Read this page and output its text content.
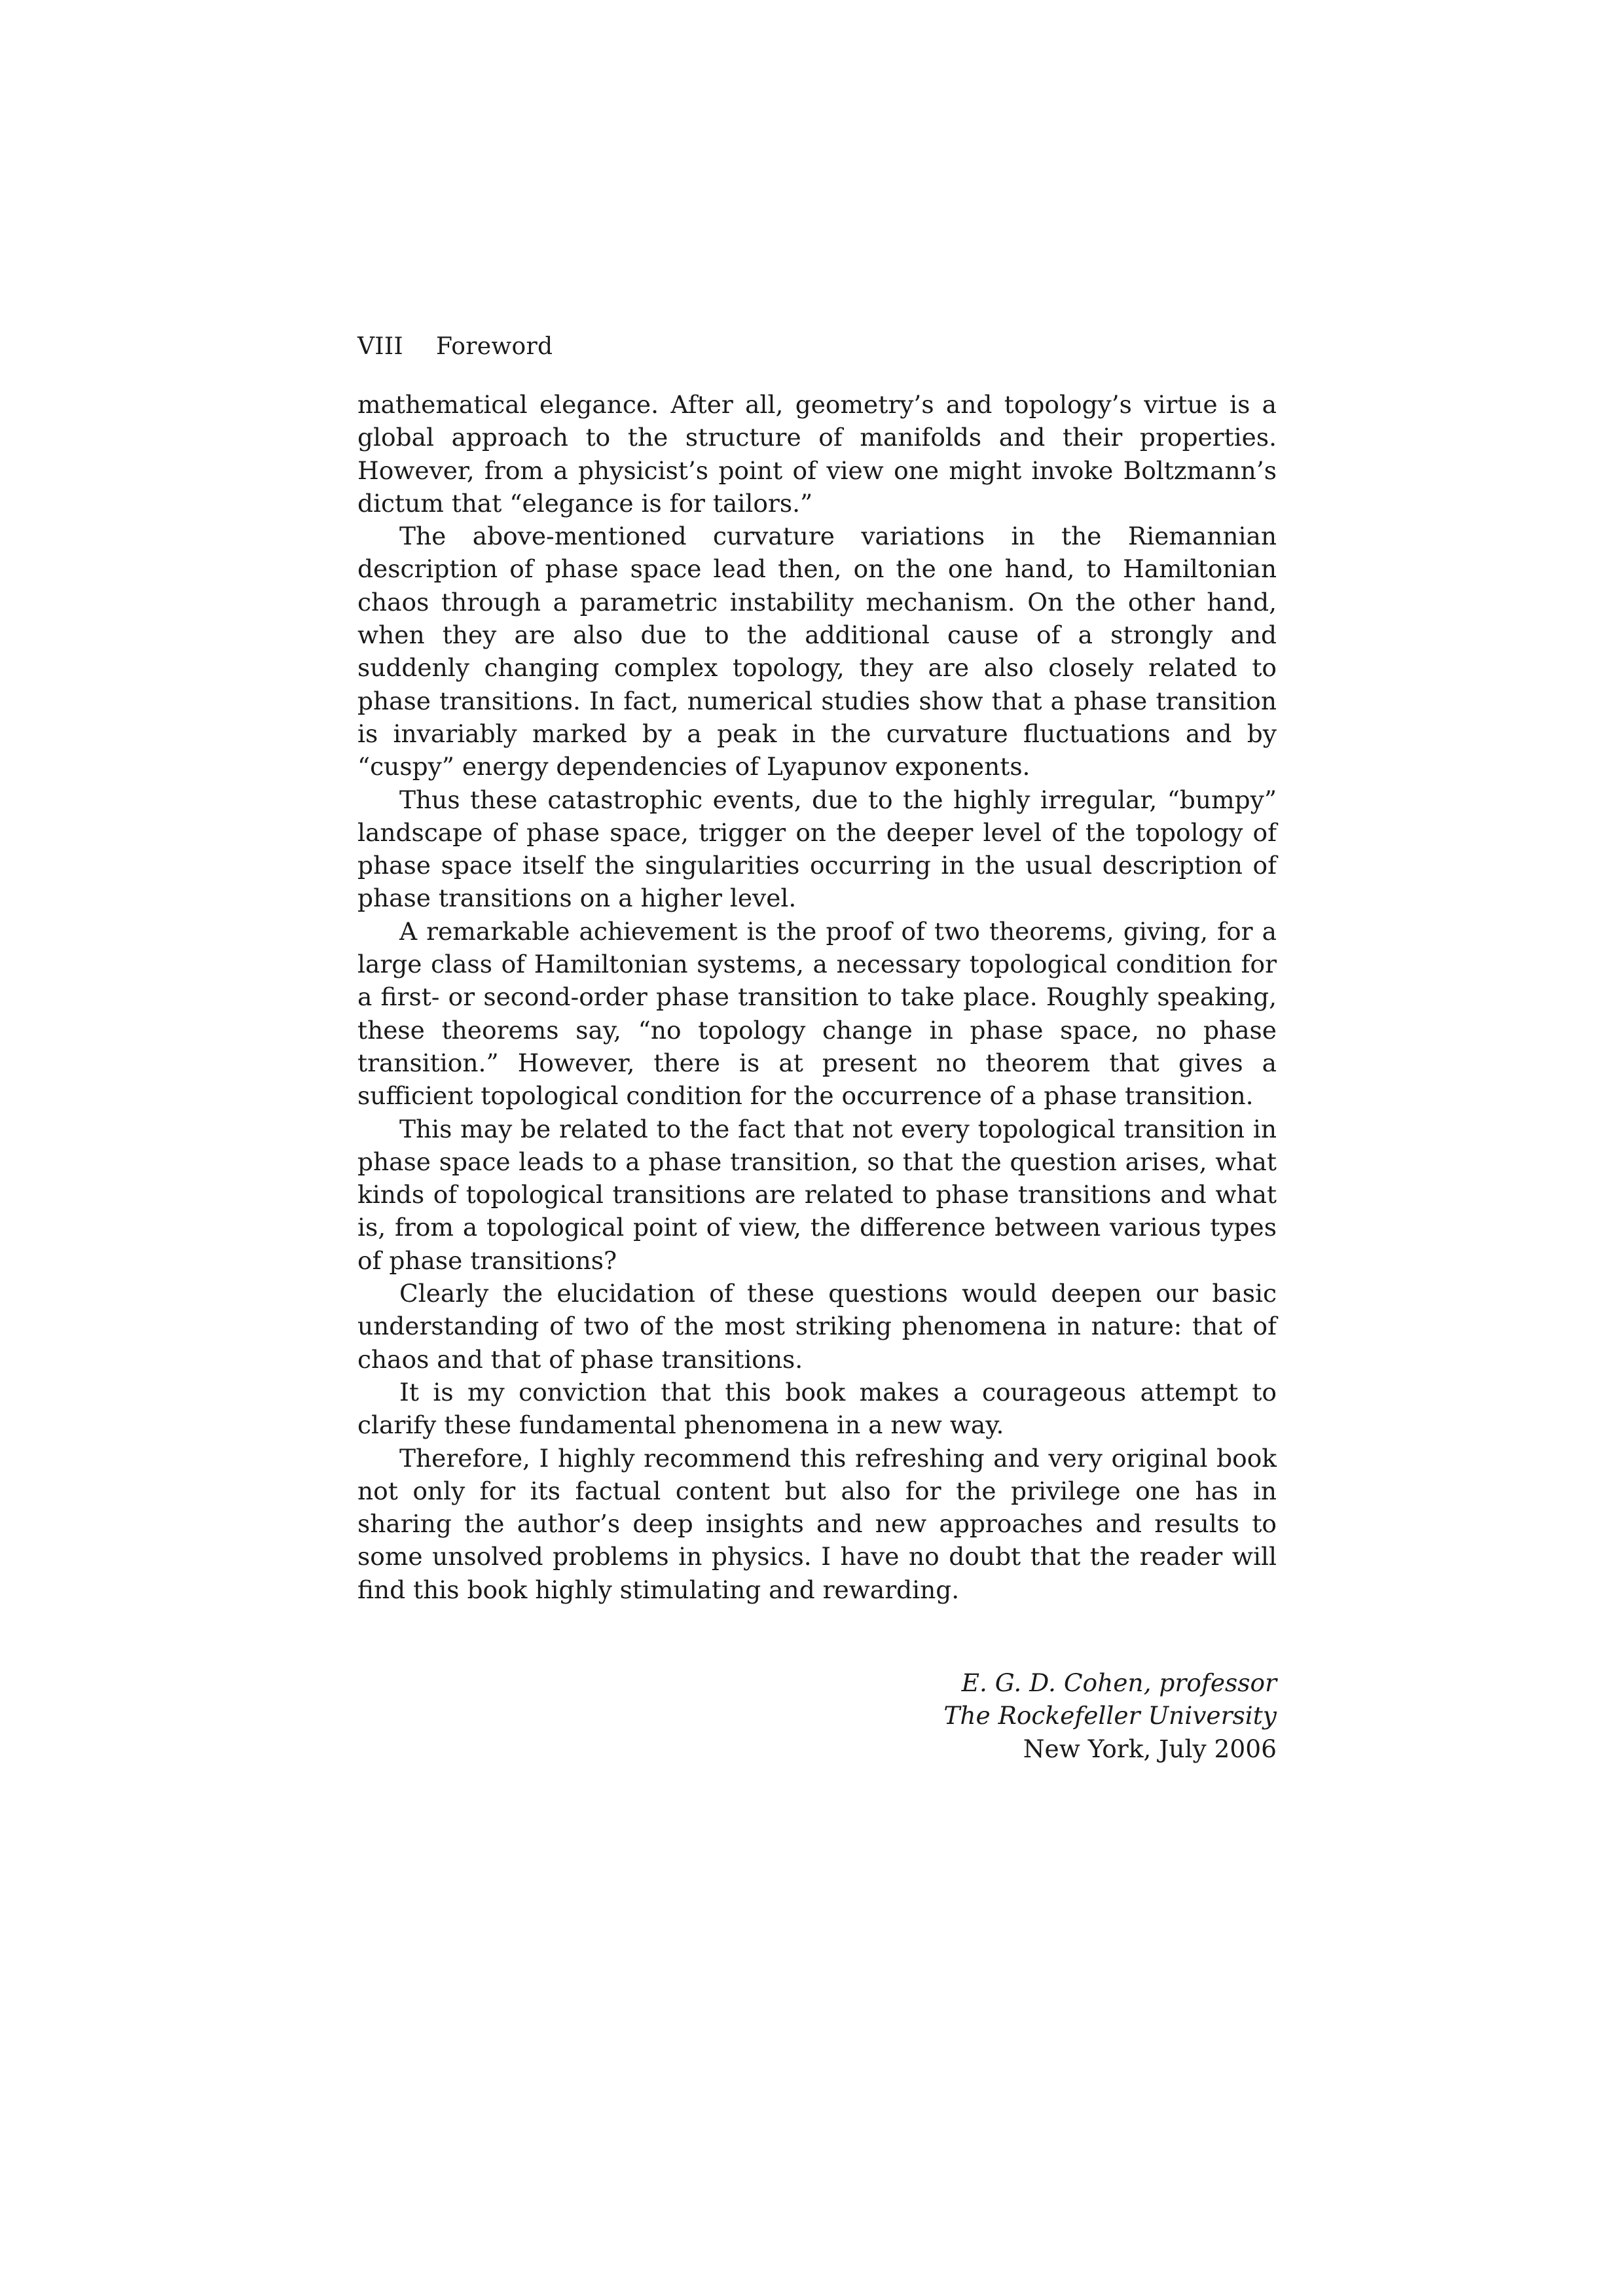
VIII Foreword

mathematical elegance. After all, geometry’s and topology’s virtue is a global approach to the structure of manifolds and their properties. However, from a physicist’s point of view one might invoke Boltzmann’s dictum that “elegance is for tailors.”

The above-mentioned curvature variations in the Riemannian description of phase space lead then, on the one hand, to Hamiltonian chaos through a parametric instability mechanism. On the other hand, when they are also due to the additional cause of a strongly and suddenly changing complex topology, they are also closely related to phase transitions. In fact, numerical studies show that a phase transition is invariably marked by a peak in the curvature fluctuations and by “cuspy” energy dependencies of Lyapunov exponents.

Thus these catastrophic events, due to the highly irregular, “bumpy” landscape of phase space, trigger on the deeper level of the topology of phase space itself the singularities occurring in the usual description of phase transitions on a higher level.

A remarkable achievement is the proof of two theorems, giving, for a large class of Hamiltonian systems, a necessary topological condition for a first- or second-order phase transition to take place. Roughly speaking, these theorems say, “no topology change in phase space, no phase transition.” However, there is at present no theorem that gives a sufficient topological condition for the occurrence of a phase transition.

This may be related to the fact that not every topological transition in phase space leads to a phase transition, so that the question arises, what kinds of topological transitions are related to phase transitions and what is, from a topological point of view, the difference between various types of phase transitions?

Clearly the elucidation of these questions would deepen our basic understanding of two of the most striking phenomena in nature: that of chaos and that of phase transitions.

It is my conviction that this book makes a courageous attempt to clarify these fundamental phenomena in a new way.

Therefore, I highly recommend this refreshing and very original book not only for its factual content but also for the privilege one has in sharing the author’s deep insights and new approaches and results to some unsolved problems in physics. I have no doubt that the reader will find this book highly stimulating and rewarding.

E. G. D. Cohen, professor
The Rockefeller University
New York, July 2006
